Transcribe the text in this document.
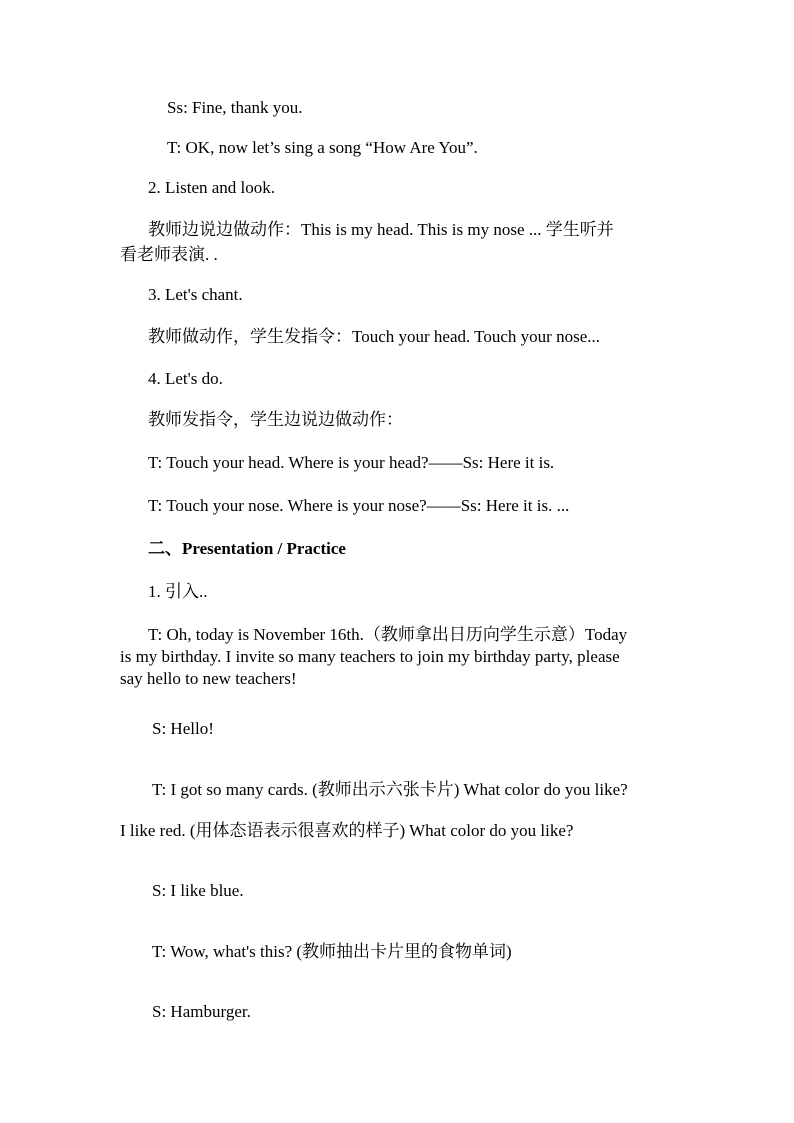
Ss: Fine, thank you.
T: OK, now let’s sing a song “How Are You”.
2. Listen and look.
教师边说边做动作：This is my head. This is my nose ... 学生听并
看老师表演. .
3. Let's chant.
教师做动作，学生发指令：Touch your head. Touch your nose...
4. Let's do.
教师发指令，学生边说边做动作：
T: Touch your head. Where is your head?——Ss: Here it is.
T: Touch your nose. Where is your nose?——Ss: Here it is. ...
二、Presentation / Practice
1. 引入..
T: Oh, today is November 16th.（教师拿出日历向学生示意）Today
is my birthday. I invite so many teachers to join my birthday party, please
say hello to new teachers!
S: Hello!
T: I got so many cards. (教师出示六张卡片) What color do you like?
I like red. (用体态语表示很喜欢的样子) What color do you like?
S: I like blue.
T: Wow, what's this? (教师抽出卡片里的食物单词)
S: Hamburger.
